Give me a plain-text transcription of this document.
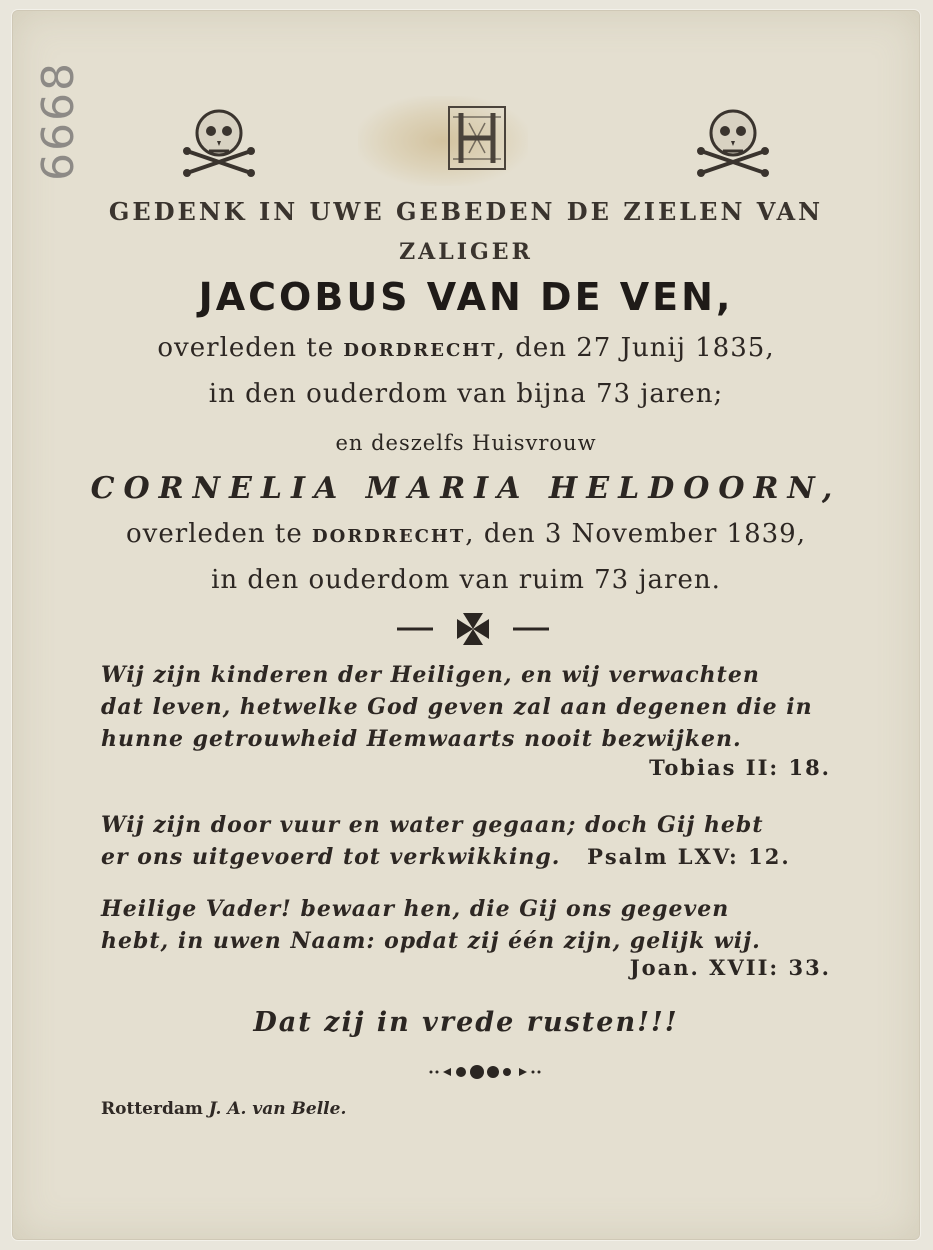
6668
GEDENK IN UWE GEBEDEN DE ZIELEN VAN
ZALIGER
JACOBUS VAN DE VEN,
overleden te DORDRECHT, den 27 Junij 1835,
in den ouderdom van bijna 73 jaren;
en deszelfs Huisvrouw
CORNELIA MARIA HELDOORN,
overleden te DORDRECHT, den 3 November 1839,
in den ouderdom van ruim 73 jaren.
Wij zijn kinderen der Heiligen, en wij verwachten
dat leven, hetwelke God geven zal aan degenen die in
hunne getrouwheid Hemwaarts nooit bezwijken.
Tobias II: 18.
Wij zijn door vuur en water gegaan; doch Gij hebt
er ons uitgevoerd tot verkwikking. Psalm LXV: 12.
Heilige Vader! bewaar hen, die Gij ons gegeven
hebt, in uwen Naam: opdat zij één zijn, gelijk wij.
Joan. XVII: 33.
Dat zij in vrede rusten!!!
Rotterdam J. A. van Belle.
